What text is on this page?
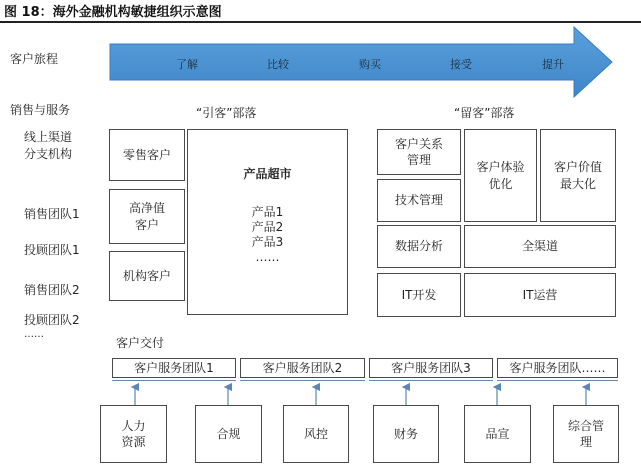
图 18：海外金融机构敏捷组织示意图
客户旅程	了解	比较	购买	接受	提升
销售与服务
线上渠道
分支机构
销售团队1
投顾团队1
销售团队2
投顾团队2
……
客户交付
“引客”部落
零售客户
高净值
客户
机构客户
产品超市
产品1
产品2
产品3
……
“留客”部落
客户关系
管理
客户体验
优化
客户价值
最大化
技术管理
数据分析	全渠道
IT开发	IT运营
客户服务团队1	客户服务团队2	客户服务团队3	客户服务团队……
人力
资源
合规	风控	财务	品宣
综合管
理
